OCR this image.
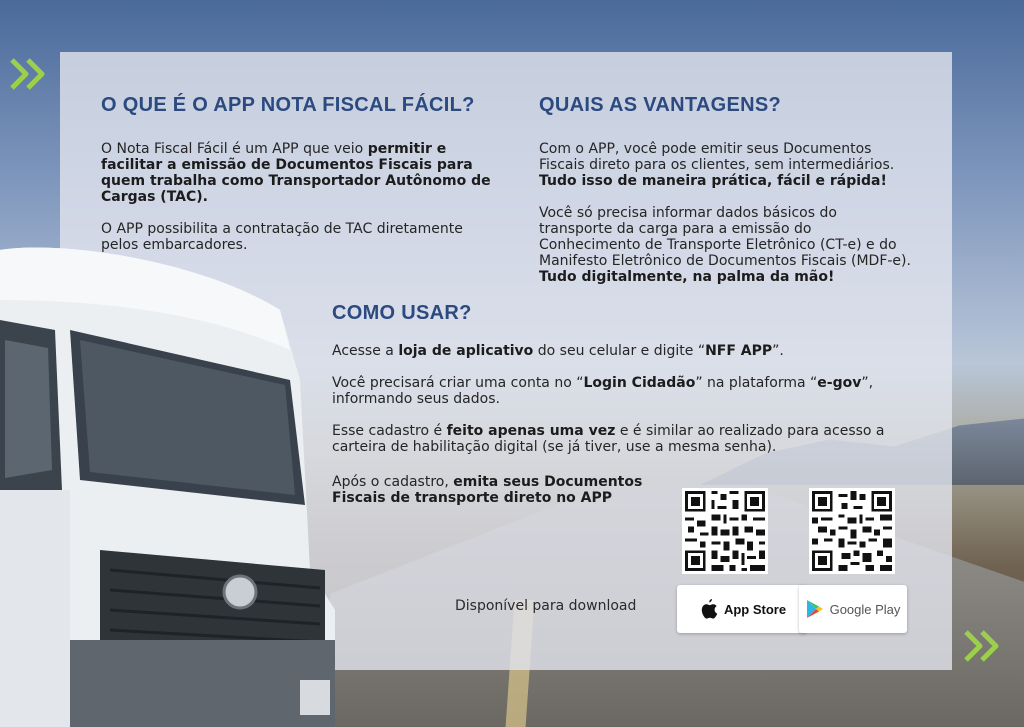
O QUE É O APP NOTA FISCAL FÁCIL?

O Nota Fiscal Fácil é um APP que veio permitir e facilitar a emissão de Documentos Fiscais para quem trabalha como Transportador Autônomo de Cargas (TAC).

O APP possibilita a contratação de TAC diretamente pelos embarcadores.

QUAIS AS VANTAGENS?

Com o APP, você pode emitir seus Documentos Fiscais direto para os clientes, sem intermediários. Tudo isso de maneira prática, fácil e rápida!

Você só precisa informar dados básicos do transporte da carga para a emissão do Conhecimento de Transporte Eletrônico (CT-e) e do Manifesto Eletrônico de Documentos Fiscais (MDF-e). Tudo digitalmente, na palma da mão!

COMO USAR?

Acesse a loja de aplicativo do seu celular e digite “NFF APP”.

Você precisará criar uma conta no “Login Cidadão” na plataforma “e-gov”, informando seus dados.

Esse cadastro é feito apenas uma vez e é similar ao realizado para acesso a carteira de habilitação digital (se já tiver, use a mesma senha).

Após o cadastro, emita seus Documentos Fiscais de transporte direto no APP

Disponível para download	App Store	Google Play
